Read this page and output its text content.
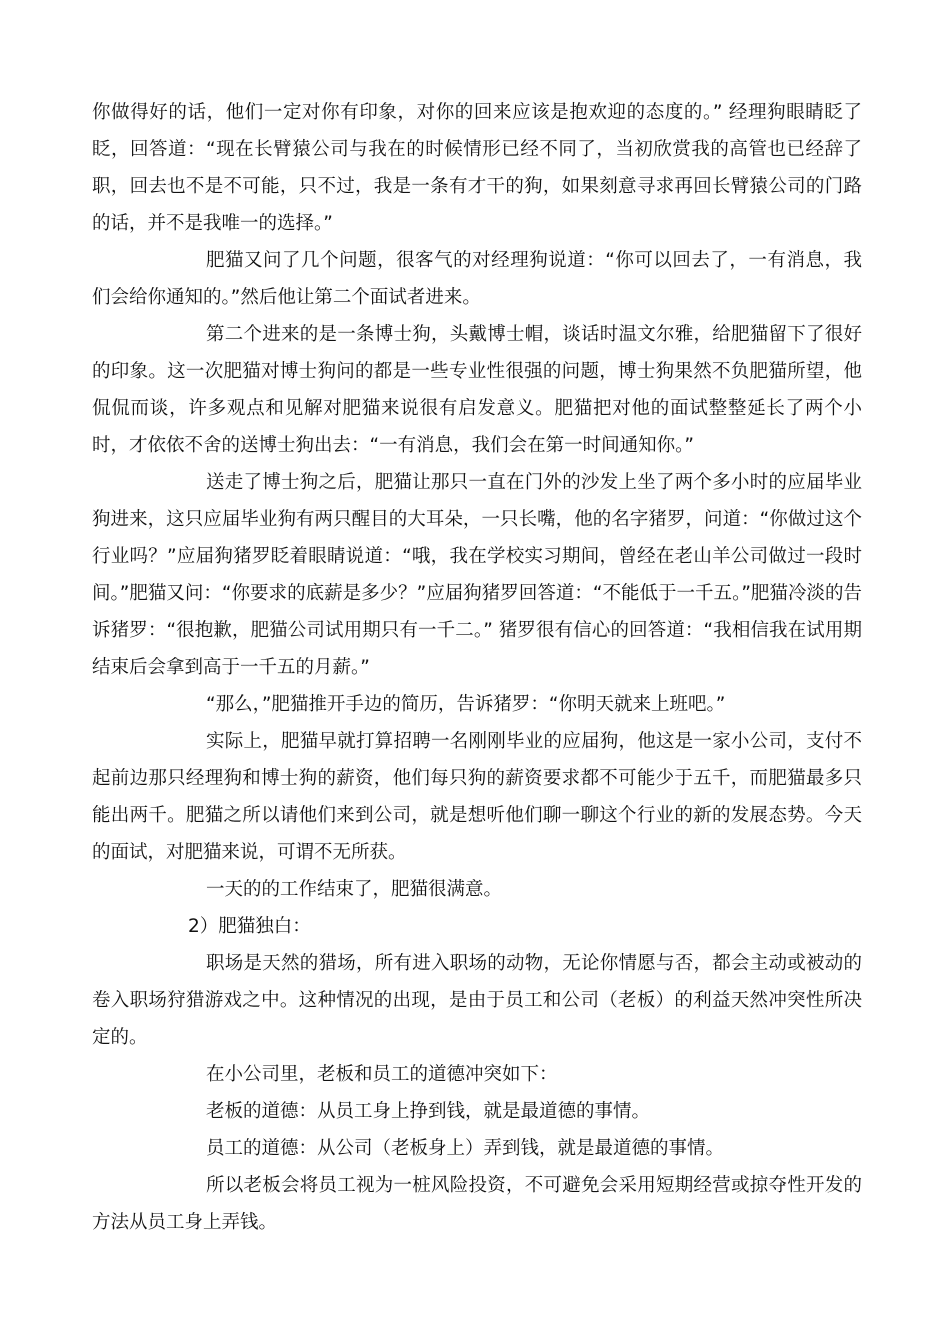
你做得好的话，他们一定对你有印象，对你的回来应该是抱欢迎的态度的。” 经理狗眼睛眨了眨，回答道：“现在长臂猿公司与我在的时候情形已经不同了，当初欣赏我的高管也已经辞了职，回去也不是不可能，只不过，我是一条有才干的狗，如果刻意寻求再回长臂猿公司的门路的话，并不是我唯一的选择。”

肥猫又问了几个问题，很客气的对经理狗说道：“你可以回去了，一有消息，我们会给你通知的。”然后他让第二个面试者进来。

第二个进来的是一条博士狗，头戴博士帽，谈话时温文尔雅，给肥猫留下了很好的印象。这一次肥猫对博士狗问的都是一些专业性很强的问题，博士狗果然不负肥猫所望，他侃侃而谈，许多观点和见解对肥猫来说很有启发意义。肥猫把对他的面试整整延长了两个小时，才依依不舍的送博士狗出去：“一有消息，我们会在第一时间通知你。”

送走了博士狗之后，肥猫让那只一直在门外的沙发上坐了两个多小时的应届毕业狗进来，这只应届毕业狗有两只醒目的大耳朵，一只长嘴，他的名字猪罗，问道：“你做过这个行业吗？”应届狗猪罗眨着眼睛说道：“哦，我在学校实习期间，曾经在老山羊公司做过一段时间。”肥猫又问：“你要求的底薪是多少？”应届狗猪罗回答道：“不能低于一千五。”肥猫冷淡的告诉猪罗：“很抱歉，肥猫公司试用期只有一千二。” 猪罗很有信心的回答道：“我相信我在试用期结束后会拿到高于一千五的月薪。”

“那么，”肥猫推开手边的简历，告诉猪罗：“你明天就来上班吧。”

实际上，肥猫早就打算招聘一名刚刚毕业的应届狗，他这是一家小公司，支付不起前边那只经理狗和博士狗的薪资，他们每只狗的薪资要求都不可能少于五千，而肥猫最多只能出两千。肥猫之所以请他们来到公司，就是想听他们聊一聊这个行业的新的发展态势。今天的面试，对肥猫来说，可谓不无所获。

一天的的工作结束了，肥猫很满意。

2）肥猫独白：

职场是天然的猎场，所有进入职场的动物，无论你情愿与否，都会主动或被动的卷入职场狩猎游戏之中。这种情况的出现，是由于员工和公司（老板）的利益天然冲突性所决定的。

在小公司里，老板和员工的道德冲突如下：

老板的道德：从员工身上挣到钱，就是最道德的事情。

员工的道德：从公司（老板身上）弄到钱，就是最道德的事情。

所以老板会将员工视为一桩风险投资，不可避免会采用短期经营或掠夺性开发的方法从员工身上弄钱。
